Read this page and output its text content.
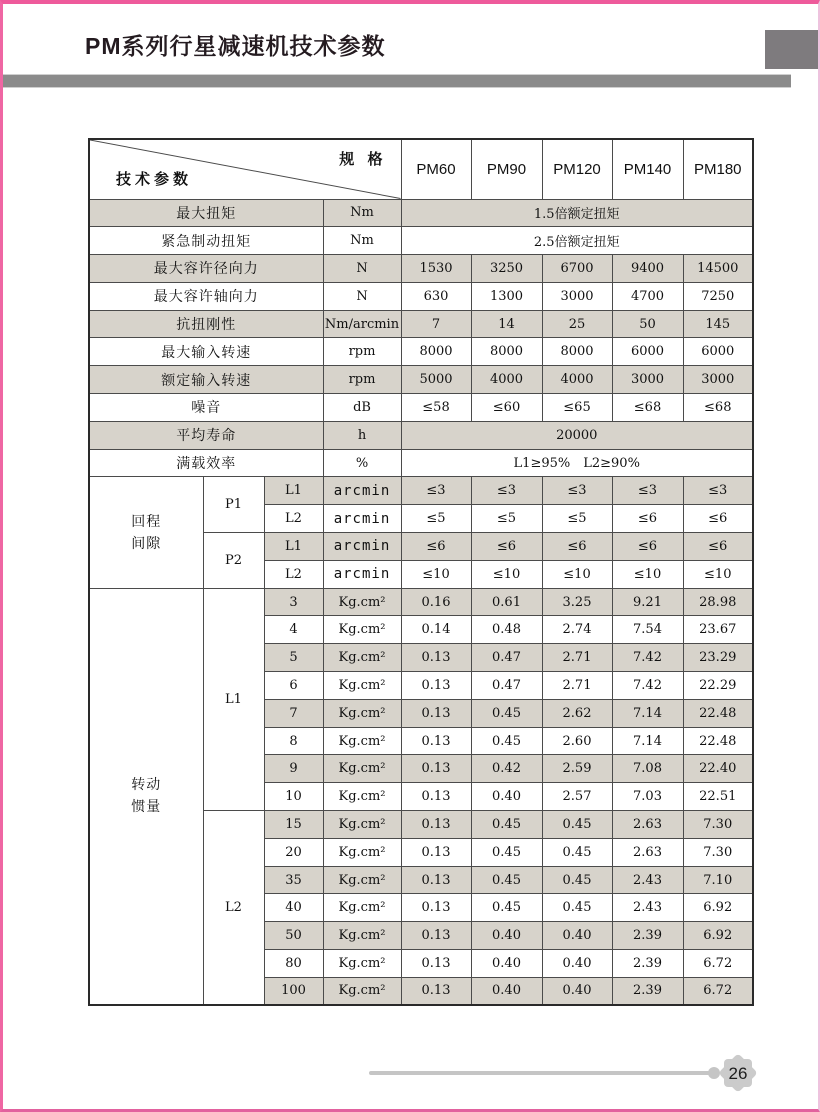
PM系列行星减速机技术参数
规 格
技术参数				PM60	PM90	PM120	PM140	PM180
最大扭矩			Nm	1.5倍额定扭矩				
紧急制动扭矩			Nm	2.5倍额定扭矩				
最大容许径向力			N	1530	3250	6700	9400	14500
最大容许轴向力			N	630	1300	3000	4700	7250
抗扭刚性			Nm/arcmin	7	14	25	50	145
最大输入转速			rpm	8000	8000	8000	6000	6000
额定输入转速			rpm	5000	4000	4000	3000	3000
噪音			dB	≤58	≤60	≤65	≤68	≤68
平均寿命			h	20000				
满载效率			%	L1≥95% L2≥90%				

回程
间隙	P1	L1	arcmin	≤3	≤3	≤3	≤3	≤3
		L2	arcmin	≤5	≤5	≤5	≤6	≤6
	P2	L1	arcmin	≤6	≤6	≤6	≤6	≤6
		L2	arcmin	≤10	≤10	≤10	≤10	≤10

转动
惯量	L1	3	Kg.cm²	0.16	0.61	3.25	9.21	28.98
		4	Kg.cm²	0.14	0.48	2.74	7.54	23.67
		5	Kg.cm²	0.13	0.47	2.71	7.42	23.29
		6	Kg.cm²	0.13	0.47	2.71	7.42	22.29
		7	Kg.cm²	0.13	0.45	2.62	7.14	22.48
		8	Kg.cm²	0.13	0.45	2.60	7.14	22.48
		9	Kg.cm²	0.13	0.42	2.59	7.08	22.40
		10	Kg.cm²	0.13	0.40	2.57	7.03	22.51
	L2	15	Kg.cm²	0.13	0.45	0.45	2.63	7.30
		20	Kg.cm²	0.13	0.45	0.45	2.63	7.30
		35	Kg.cm²	0.13	0.45	0.45	2.43	7.10
		40	Kg.cm²	0.13	0.45	0.45	2.43	6.92
		50	Kg.cm²	0.13	0.40	0.40	2.39	6.92
		80	Kg.cm²	0.13	0.40	0.40	2.39	6.72
		100	Kg.cm²	0.13	0.40	0.40	2.39	6.72
26
